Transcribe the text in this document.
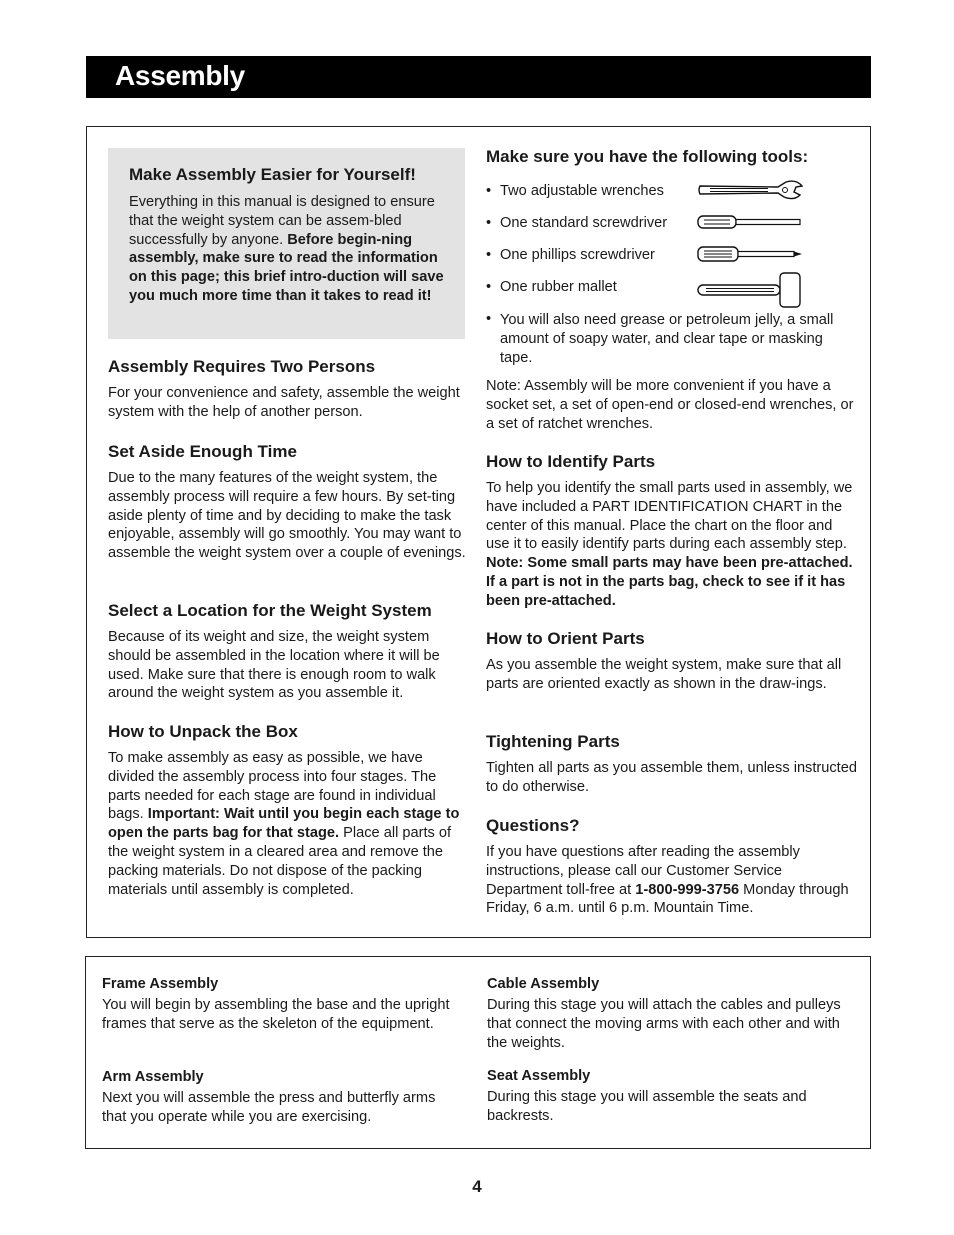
Assembly
Make Assembly Easier for Yourself!

Everything in this manual is designed to ensure that the weight system can be assem-bled successfully by anyone. Before begin-ning assembly, make sure to read the information on this page; this brief intro-duction will save you much more time than it takes to read it!

Assembly Requires Two Persons

For your convenience and safety, assemble the weight system with the help of another person.

Set Aside Enough Time

Due to the many features of the weight system, the assembly process will require a few hours. By set-ting aside plenty of time and by deciding to make the task enjoyable, assembly will go smoothly. You may want to assemble the weight system over a couple of evenings.

Select a Location for the Weight System

Because of its weight and size, the weight system should be assembled in the location where it will be used. Make sure that there is enough room to walk around the weight system as you assemble it.

How to Unpack the Box

To make assembly as easy as possible, we have divided the assembly process into four stages. The parts needed for each stage are found in individual bags. Important: Wait until you begin each stage to open the parts bag for that stage. Place all parts of the weight system in a cleared area and remove the packing materials. Do not dispose of the packing materials until assembly is completed.

Make sure you have the following tools:
• Two adjustable wrenches
• One standard screwdriver
• One phillips screwdriver
• One rubber mallet
• You will also need grease or petroleum jelly, a small amount of soapy water, and clear tape or masking tape.

Note: Assembly will be more convenient if you have a socket set, a set of open-end or closed-end wrenches, or a set of ratchet wrenches.

How to Identify Parts

To help you identify the small parts used in assembly, we have included a PART IDENTIFICATION CHART in the center of this manual. Place the chart on the floor and use it to easily identify parts during each assembly step. Note: Some small parts may have been pre-attached. If a part is not in the parts bag, check to see if it has been pre-attached.

How to Orient Parts

As you assemble the weight system, make sure that all parts are oriented exactly as shown in the draw-ings.

Tightening Parts

Tighten all parts as you assemble them, unless instructed to do otherwise.

Questions?

If you have questions after reading the assembly instructions, please call our Customer Service Department toll-free at 1-800-999-3756 Monday through Friday, 6 a.m. until 6 p.m. Mountain Time.

Frame Assembly

You will begin by assembling the base and the upright frames that serve as the skeleton of the equipment.

Arm Assembly

Next you will assemble the press and butterfly arms that you operate while you are exercising.

Cable Assembly

During this stage you will attach the cables and pulleys that connect the moving arms with each other and with the weights.

Seat Assembly

During this stage you will assemble the seats and backrests.

4
